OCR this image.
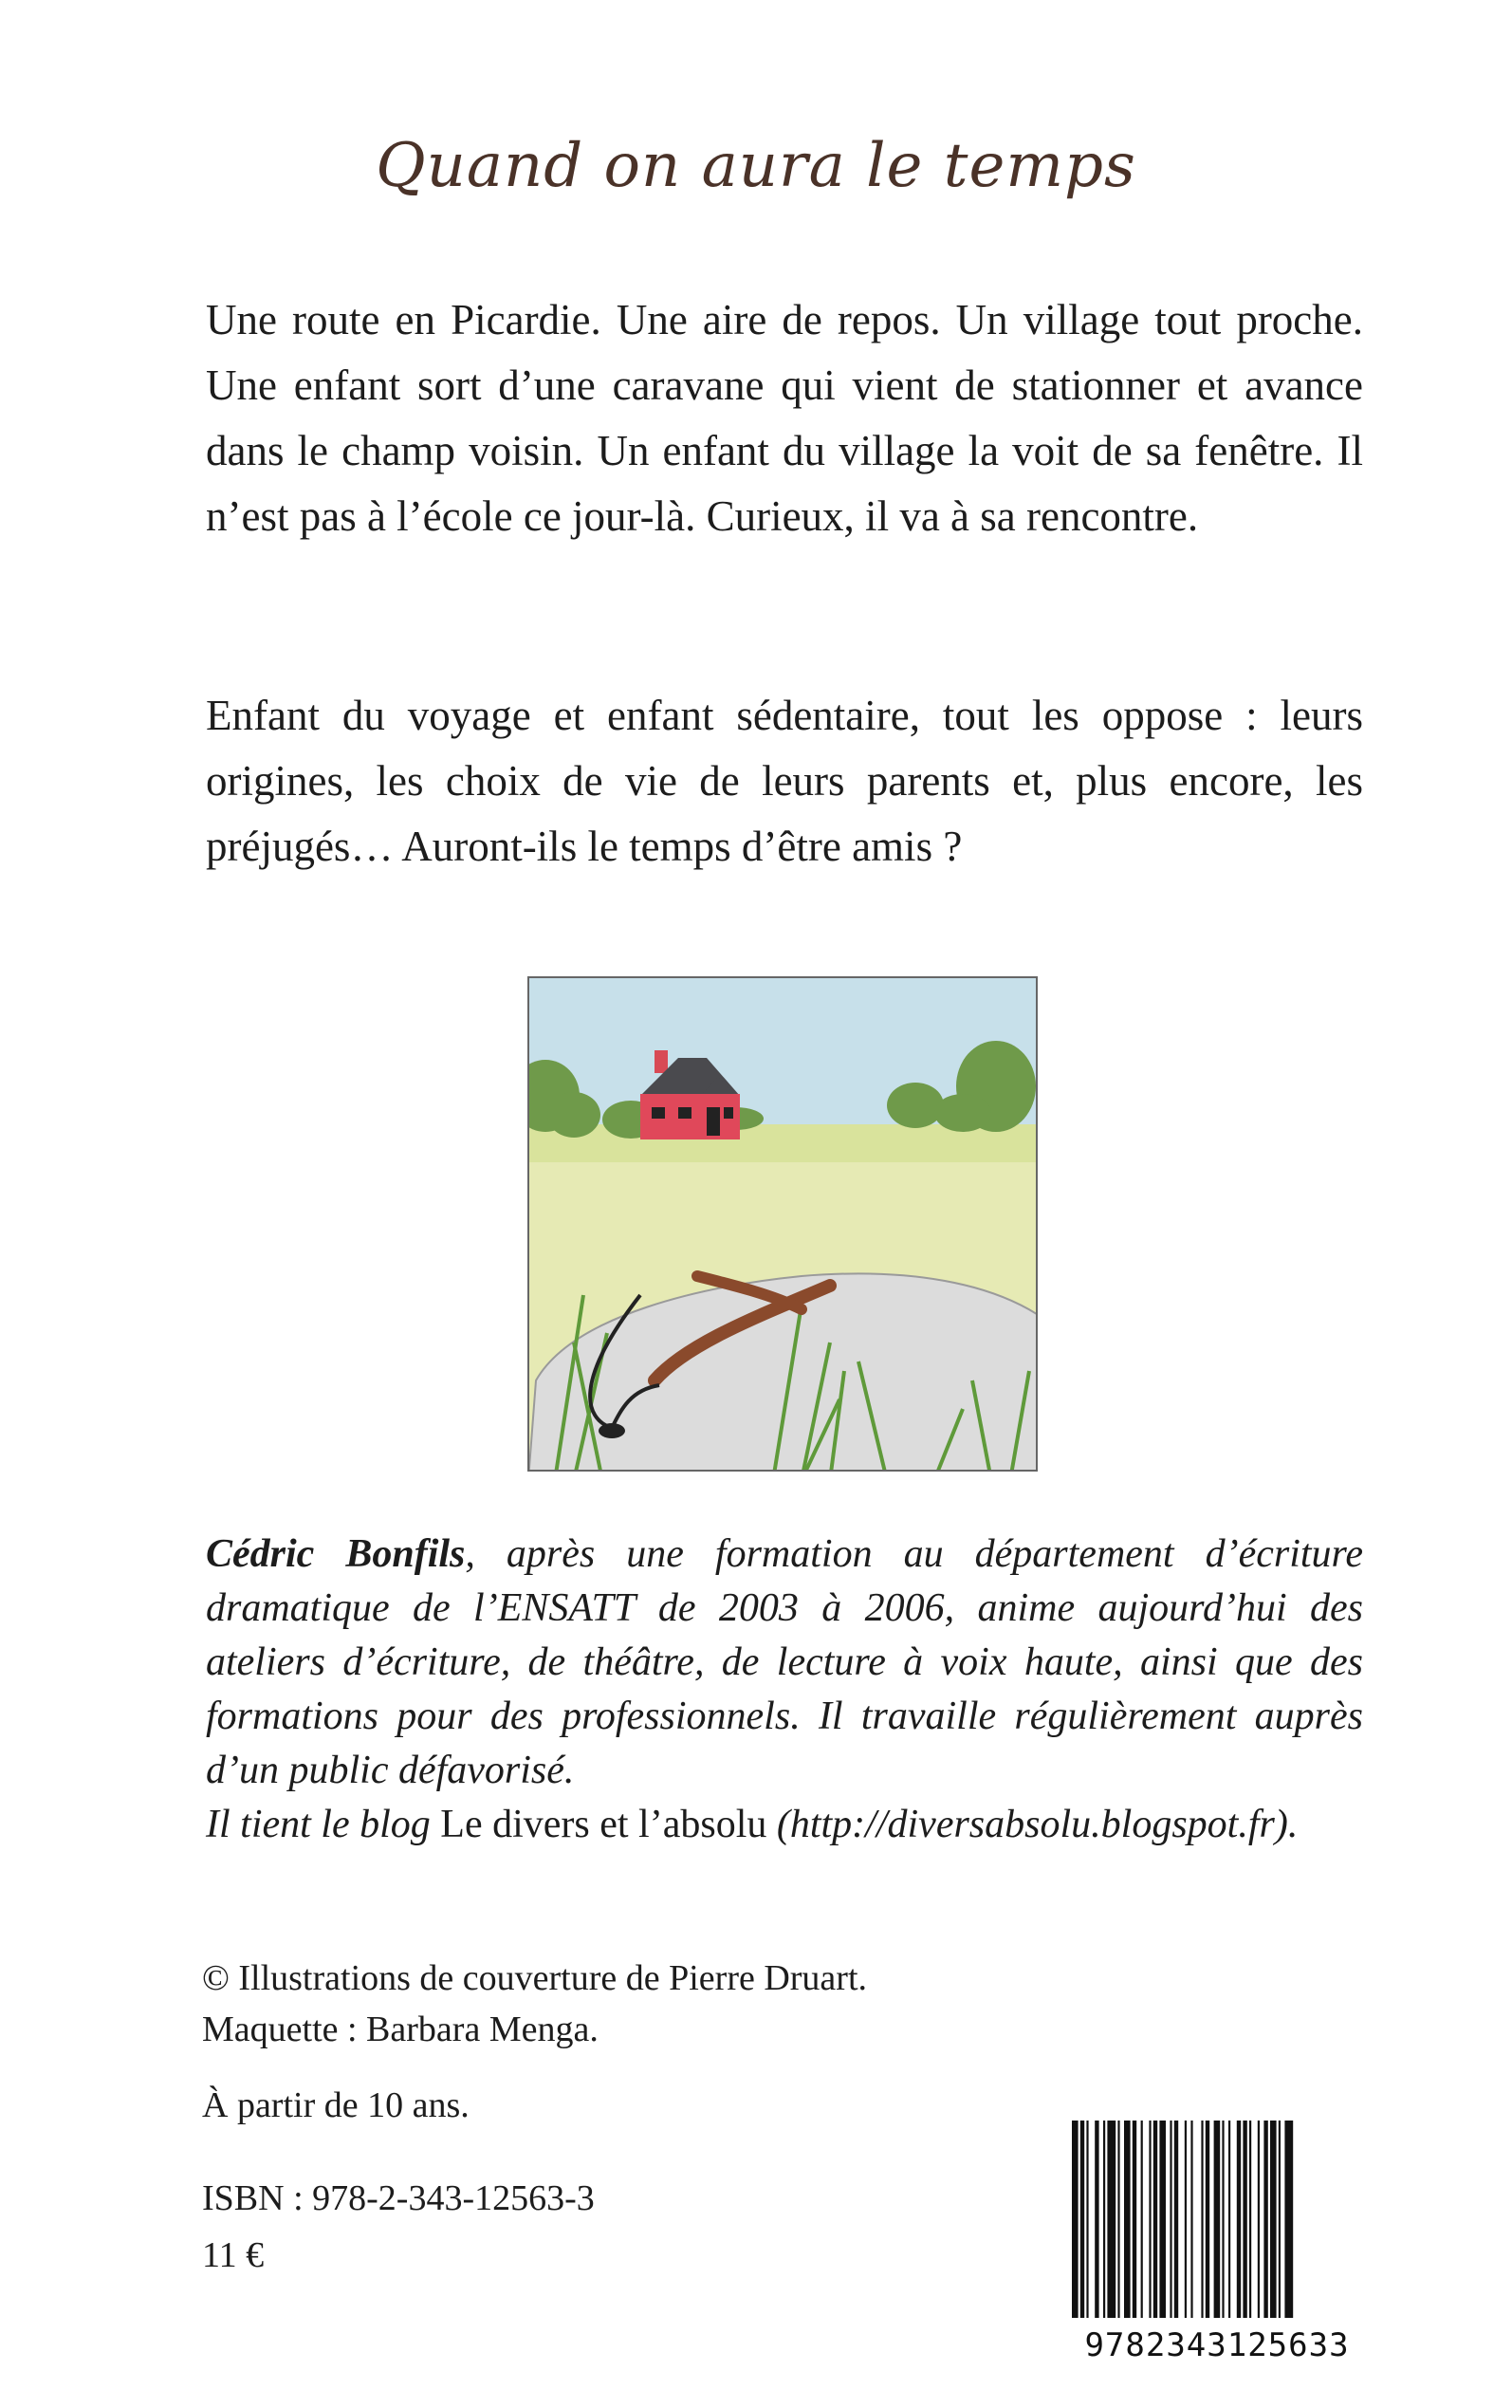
Quand on aura le temps

Une route en Picardie. Une aire de repos. Un village tout proche. Une enfant sort d’une caravane qui vient de stationner et avance dans le champ voisin. Un enfant du village la voit de sa fenêtre. Il n’est pas à l’école ce jour-là. Curieux, il va à sa rencontre.

Enfant du voyage et enfant sédentaire, tout les oppose : leurs origines, les choix de vie de leurs parents et, plus encore, les préjugés… Auront-ils le temps d’être amis ?

Cédric Bonfils, après une formation au département d’écriture dramatique de l’ENSATT de 2003 à 2006, anime aujourd’hui des ateliers d’écriture, de théâtre, de lecture à voix haute, ainsi que des formations pour des professionnels. Il travaille régulièrement auprès d’un public défavorisé.
Il tient le blog Le divers et l’absolu (http://diversabsolu.blogspot.fr).

© Illustrations de couverture de Pierre Druart.
Maquette : Barbara Menga.
À partir de 10 ans.
ISBN : 978-2-343-12563-3
11 €
9782343125633
